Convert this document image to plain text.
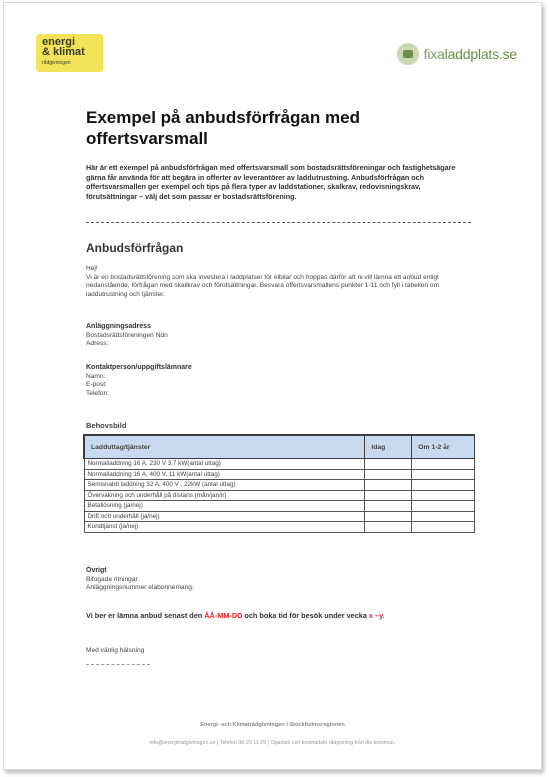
energi
& klimat
rådgivningen
fixaladdplats.se
Exempel på anbudsförfrågan med offertsvarsmall
Här är ett exempel på anbudsförfrågan med offertsvarsmall som bostadsrättsföreningar och fastighetsägare gärna får använda för att begära in offerter av leverantörer av laddutrustning. Anbudsförfrågan och offertsvarsmallen ger exempel och tips på flera typer av laddstationer, skalkrav, redovisningskrav, förutsättningar – välj det som passar er bostadsrättsförening.
Anbudsförfrågan
Hej!
Vi är en bostadsrättsförening som ska investera i laddplatser för elbilar och hoppas därför att ni vill lämna ett anbud enligt nedanstående, förfrågan med skallkrav och förutsättningar. Besvara offertsvarsmallens punkter 1-11 och fyll i tabellen om laddutrustning och tjänster.
Anläggningsadress
Bostadsrättsföreningen Ndn
Adress:
Kontaktperson/uppgiftslämnare
Namn:
E-post:
Telefon:
Behovsbild
Ladduttag/tjänster	Idag	Om 1-2 år
Normalladdning 16 A, 230 V 3,7 kW(antal uttag)		
Normalladdning 16 A, 400 V, 11 kW(antal uttag)		
Semisnabb laddning 32 A, 400 V , 22kW (antal uttag)		
Övervakning och underhåll på distans (mån/jan/ir)		
Betallösning (ja/nej)		
Drift och underhåll (ja/nej)		
Kundtjänst (ja/nej)		
Övrigt
Bifogade ritningar
Anläggningsnummer elabonnemang:
Vi ber er lämna anbud senast den ÅÅ-MM-DD och boka tid för besök under vecka x –y.
Med vänlig hälsning
Energi- och Klimatrådgivningen i Stockholmsregionen
info@energiradgivningen.se | Telefon 08-29 11 29 | Opartisk och kostnadsfri rådgivning från din kommun.
